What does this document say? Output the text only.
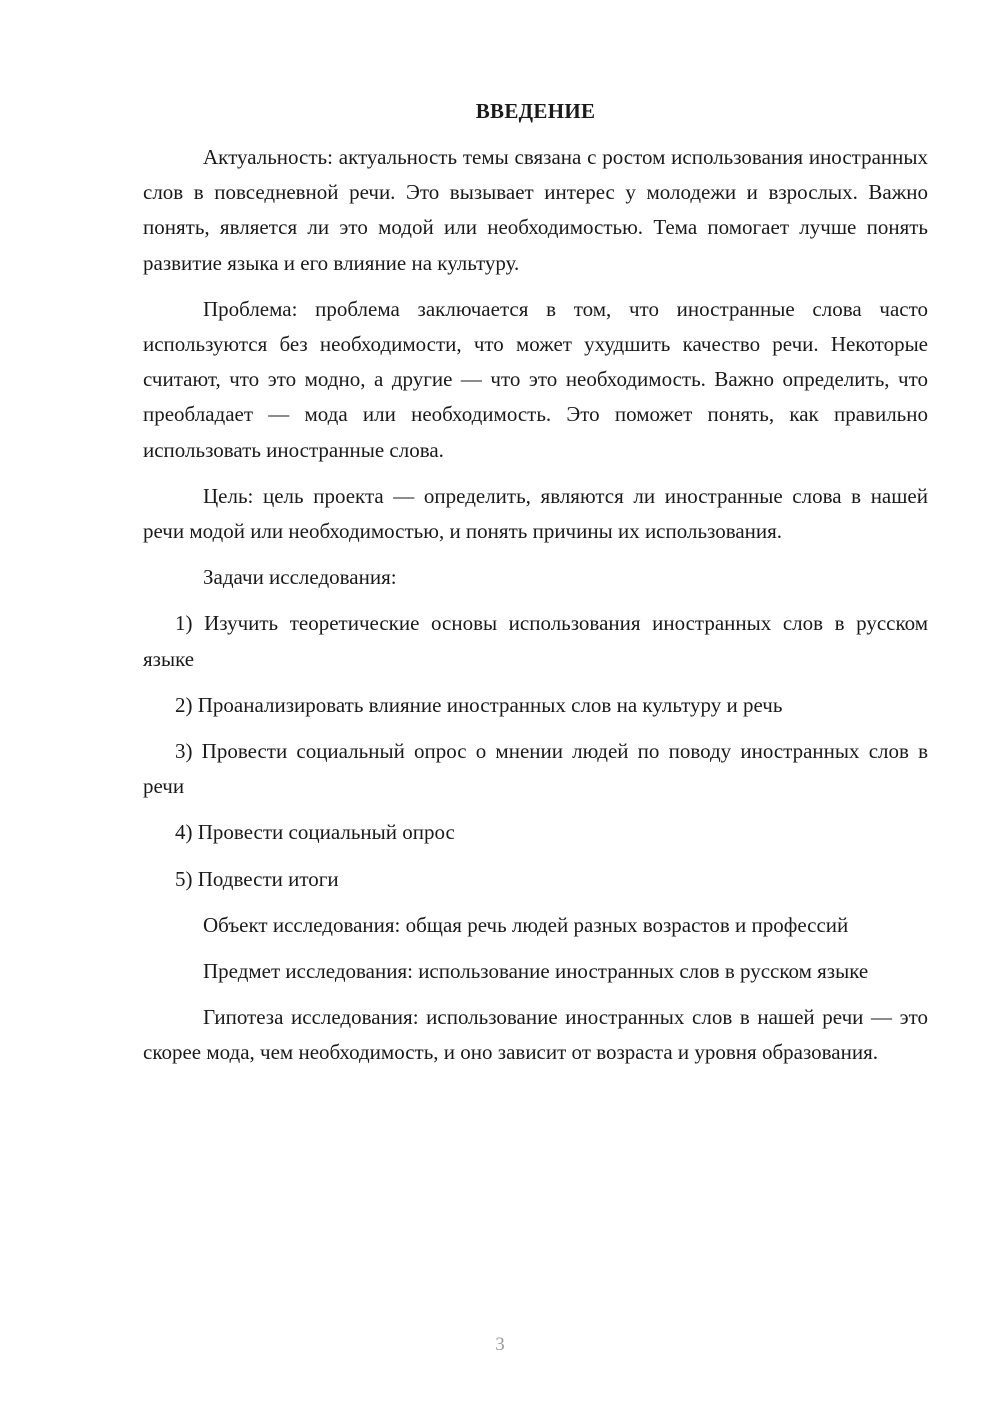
ВВЕДЕНИЕ

Актуальность: актуальность темы связана с ростом использования иностранных слов в повседневной речи. Это вызывает интерес у молодежи и взрослых. Важно понять, является ли это модой или необходимостью. Тема помогает лучше понять развитие языка и его влияние на культуру.

Проблема: проблема заключается в том, что иностранные слова часто используются без необходимости, что может ухудшить качество речи. Некоторые считают, что это модно, а другие — что это необходимость. Важно определить, что преобладает — мода или необходимость. Это поможет понять, как правильно использовать иностранные слова.

Цель: цель проекта — определить, являются ли иностранные слова в нашей речи модой или необходимостью, и понять причины их использования.

Задачи исследования:

1) Изучить теоретические основы использования иностранных слов в русском языке

2) Проанализировать влияние иностранных слов на культуру и речь

3) Провести социальный опрос о мнении людей по поводу иностранных слов в речи

4) Провести социальный опрос

5) Подвести итоги

Объект исследования: общая речь людей разных возрастов и профессий

Предмет исследования: использование иностранных слов в русском языке

Гипотеза исследования: использование иностранных слов в нашей речи — это скорее мода, чем необходимость, и оно зависит от возраста и уровня образования.

3
